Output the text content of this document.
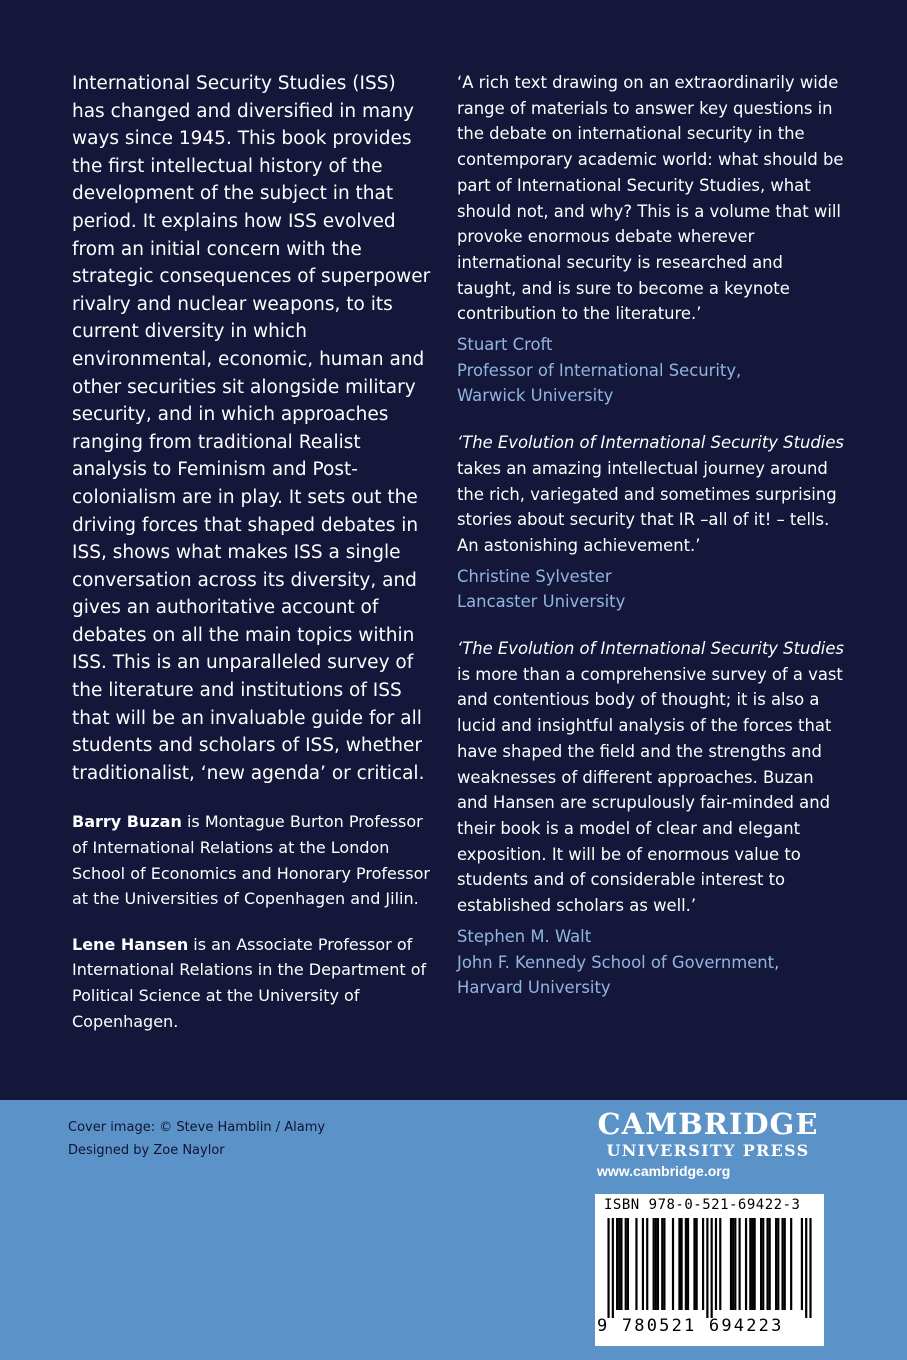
International Security Studies (ISS) has changed and diversified in many ways since 1945. This book provides the first intellectual history of the development of the subject in that period. It explains how ISS evolved from an initial concern with the strategic consequences of superpower rivalry and nuclear weapons, to its current diversity in which environmental, economic, human and other securities sit alongside military security, and in which approaches ranging from traditional Realist analysis to Feminism and Post-colonialism are in play. It sets out the driving forces that shaped debates in ISS, shows what makes ISS a single conversation across its diversity, and gives an authoritative account of debates on all the main topics within ISS. This is an unparalleled survey of the literature and institutions of ISS that will be an invaluable guide for all students and scholars of ISS, whether traditionalist, ‘new agenda’ or critical.

Barry Buzan is Montague Burton Professor of International Relations at the London School of Economics and Honorary Professor at the Universities of Copenhagen and Jilin.

Lene Hansen is an Associate Professor of International Relations in the Department of Political Science at the University of Copenhagen.

‘A rich text drawing on an extraordinarily wide range of materials to answer key questions in the debate on international security in the contemporary academic world: what should be part of International Security Studies, what should not, and why? This is a volume that will provoke enormous debate wherever international security is researched and taught, and is sure to become a keynote contribution to the literature.’

Stuart Croft
Professor of International Security,
Warwick University

‘The Evolution of International Security Studies takes an amazing intellectual journey around the rich, variegated and sometimes surprising stories about security that IR –all of it! – tells. An astonishing achievement.’

Christine Sylvester
Lancaster University

‘The Evolution of International Security Studies is more than a comprehensive survey of a vast and contentious body of thought; it is also a lucid and insightful analysis of the forces that have shaped the field and the strengths and weaknesses of different approaches. Buzan and Hansen are scrupulously fair-minded and their book is a model of clear and elegant exposition. It will be of enormous value to students and of considerable interest to established scholars as well.’

Stephen M. Walt
John F. Kennedy School of Government,
Harvard University
Cover image: © Steve Hamblin / Alamy
Designed by Zoe Naylor
CAMBRIDGE
UNIVERSITY PRESS
www.cambridge.org
ISBN 978-0-521-69422-3
9 780521 694223
